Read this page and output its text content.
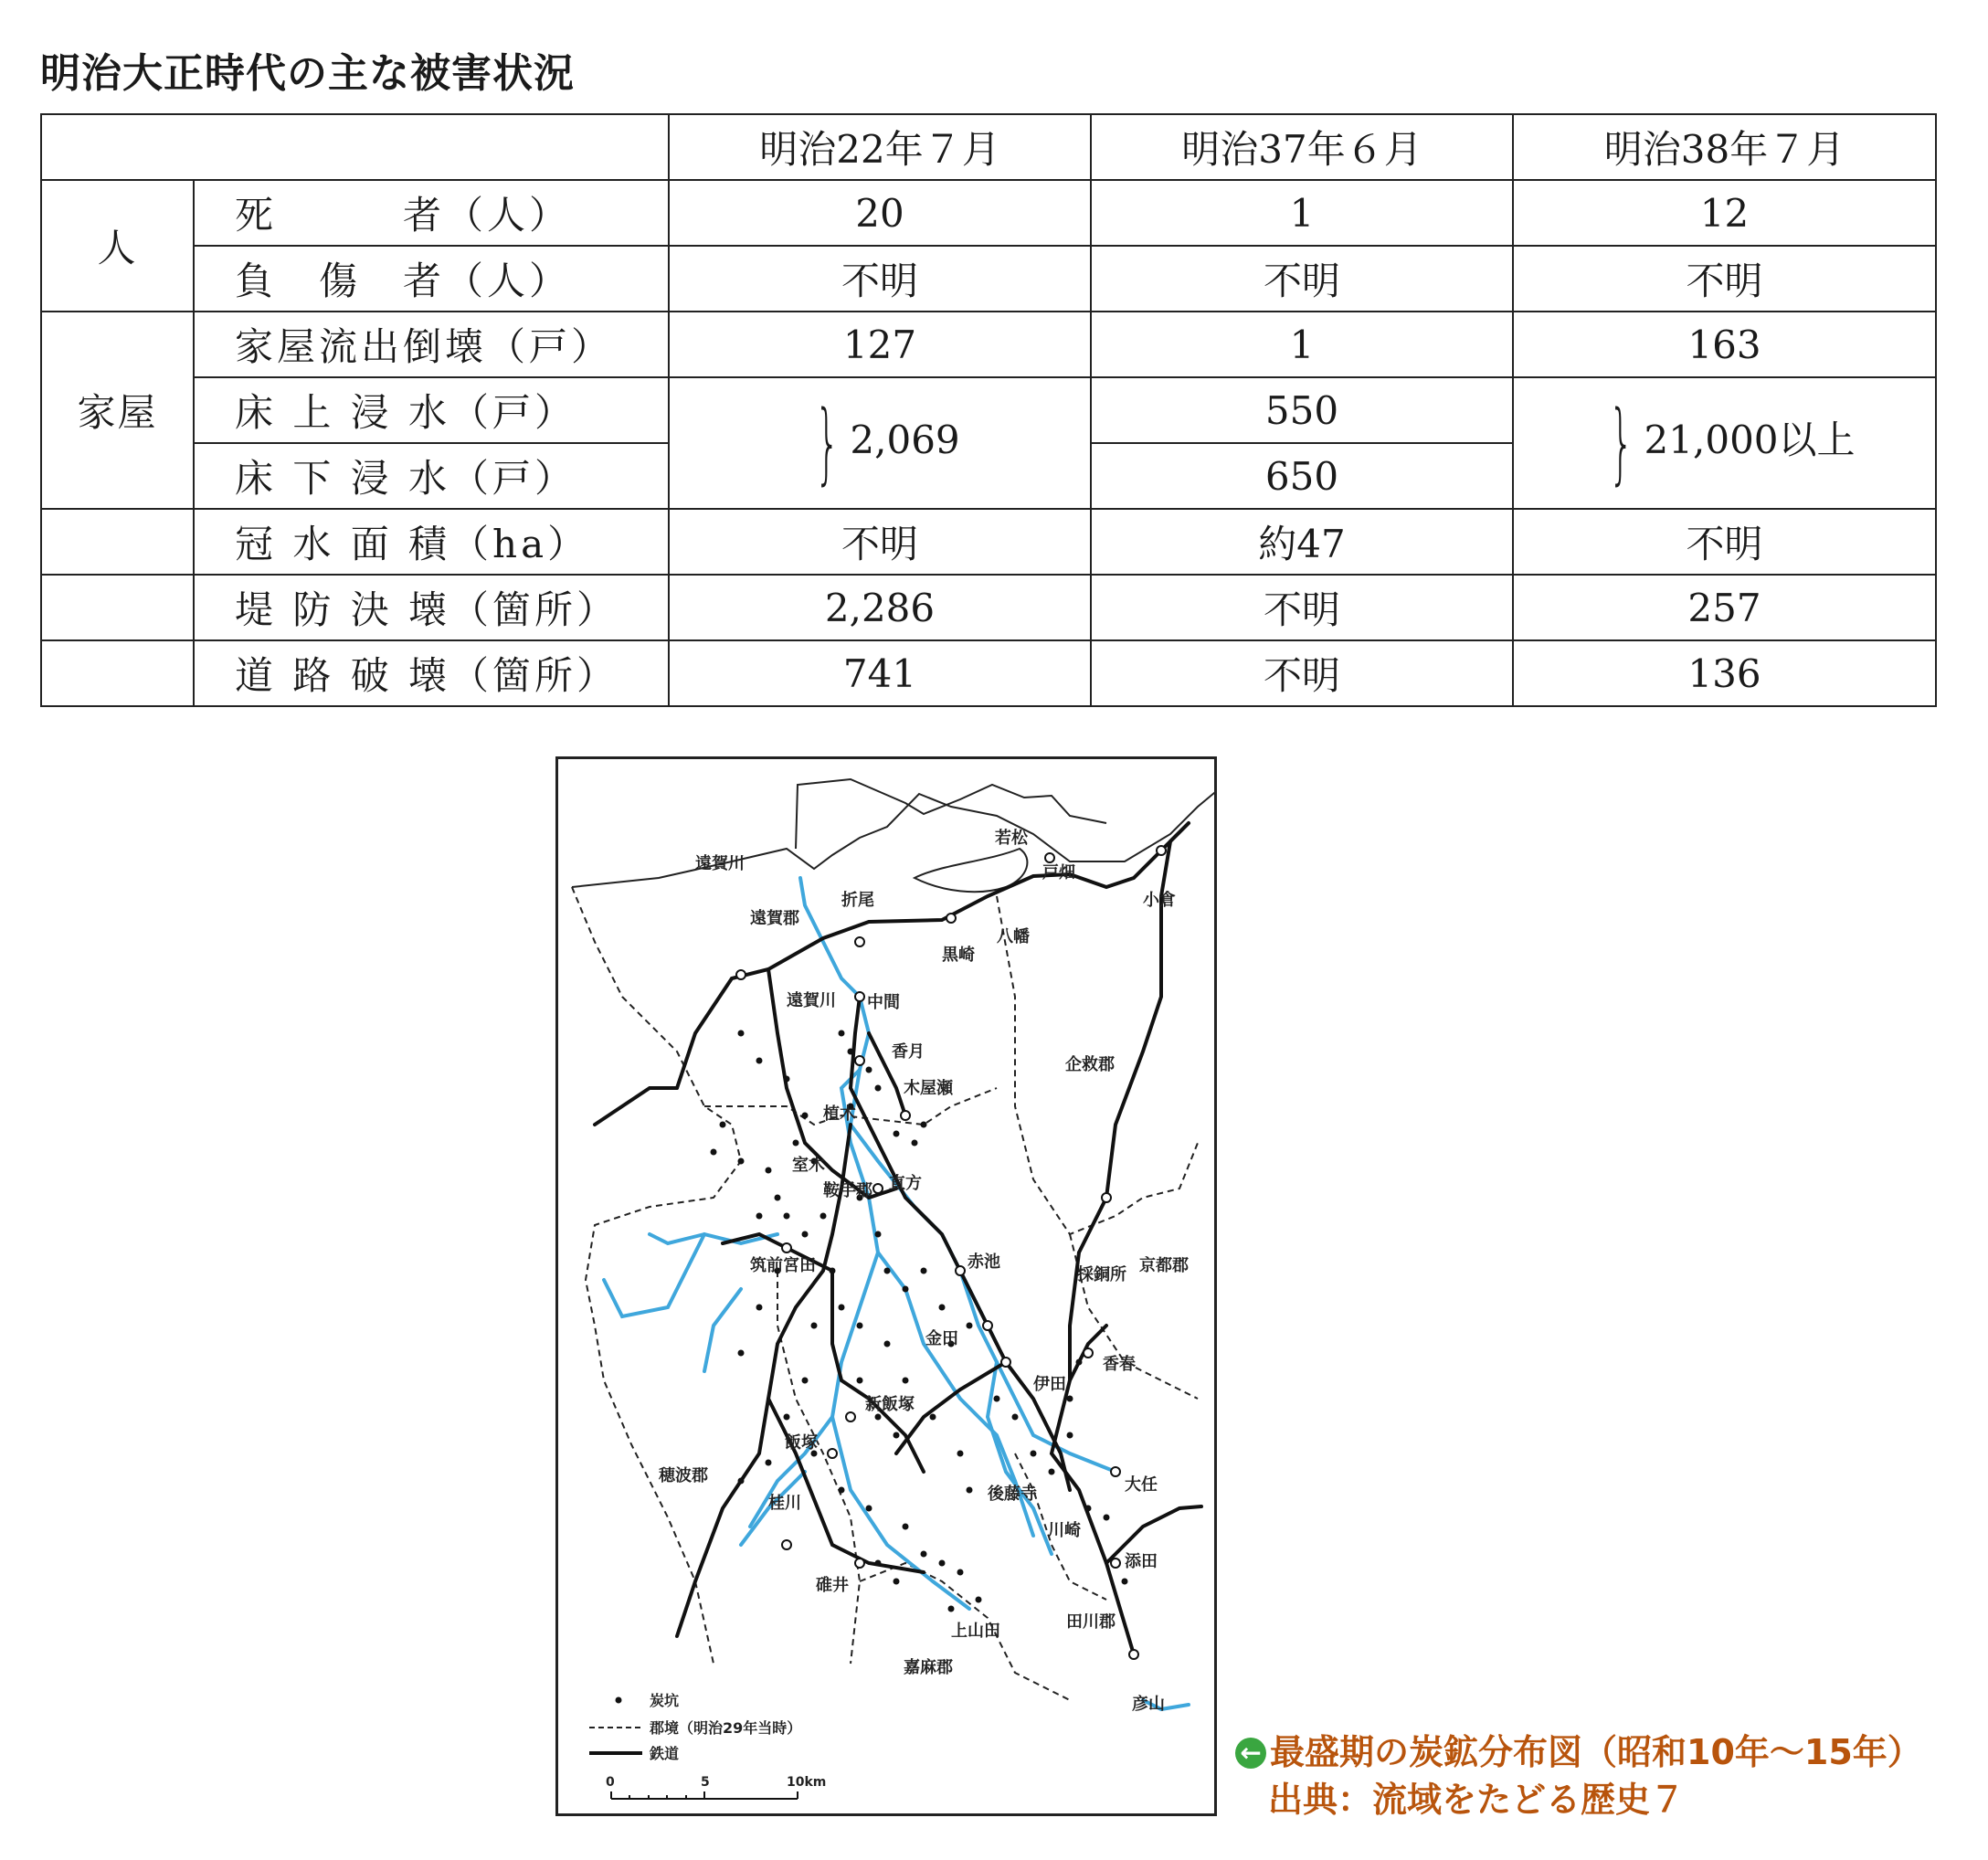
明治大正時代の主な被害状況
		明治22年７月	明治37年６月	明治38年７月
人	死　　　者（人）	20	1	12
	負　傷　者（人）	不明	不明	不明
家屋	家屋流出倒壊（戸）	127	1	163
	床 上 浸 水（戸）	} 2,069	550	} 21,000以上
	床 下 浸 水（戸）		650	
	冠 水 面 積（ha）	不明	約47	不明
	堤 防 決 壊（箇所）	2,286	不明	257
	道 路 破 壊（箇所）	741	不明	136
若松
戸畑
小倉
八幡
黒崎
折尾
遠賀川
遠賀郡
遠賀川 中間
香月
木屋瀬
企救郡
植木
室木
鞍手郡 直方
筑前宮田	赤池
採銅所 京都郡
金田
伊田
香春
新飯塚
飯塚
穂波郡
桂川	後藤寺	大任
川崎
添田
碓井
上山田	田川郡
嘉麻郡
彦山
炭坑
郡境（明治29年当時）
鉄道
0	5	10km
← 最盛期の炭鉱分布図（昭和10年〜15年）
出典：流域をたどる歴史７
